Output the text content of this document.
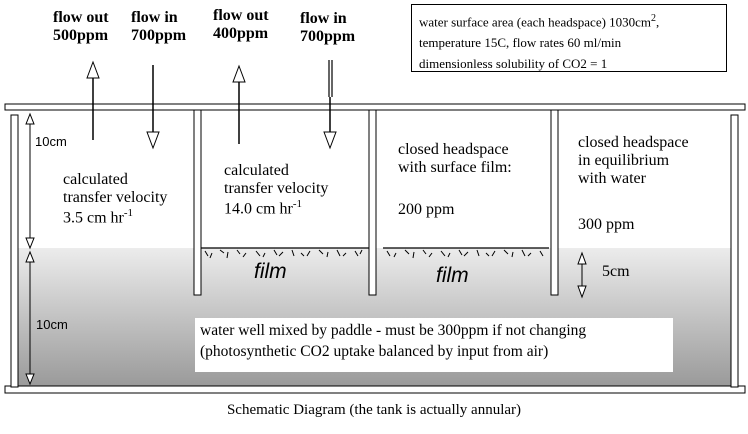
flow out
500ppm
flow in
700ppm
flow out
400ppm
flow in
700ppm
water surface area (each headspace) $1030cm^2$,
temperature 15C, flow rates 60 ml/min
dimensionless solubility of CO2 = 1
calculated
transfer velocity
3.5 cm $hr^{-1}$
calculated
transfer velocity
14.0 cm $hr^{-1}$
closed headspace
with surface film:
200 ppm
closed headspace
in equilibrium
with water
300 ppm
10cm
10cm
5cm
film	film
water well mixed by paddle - must be 300ppm if not changing
(photosynthetic CO2 uptake balanced by input from air)
Schematic Diagram (the tank is actually annular)
